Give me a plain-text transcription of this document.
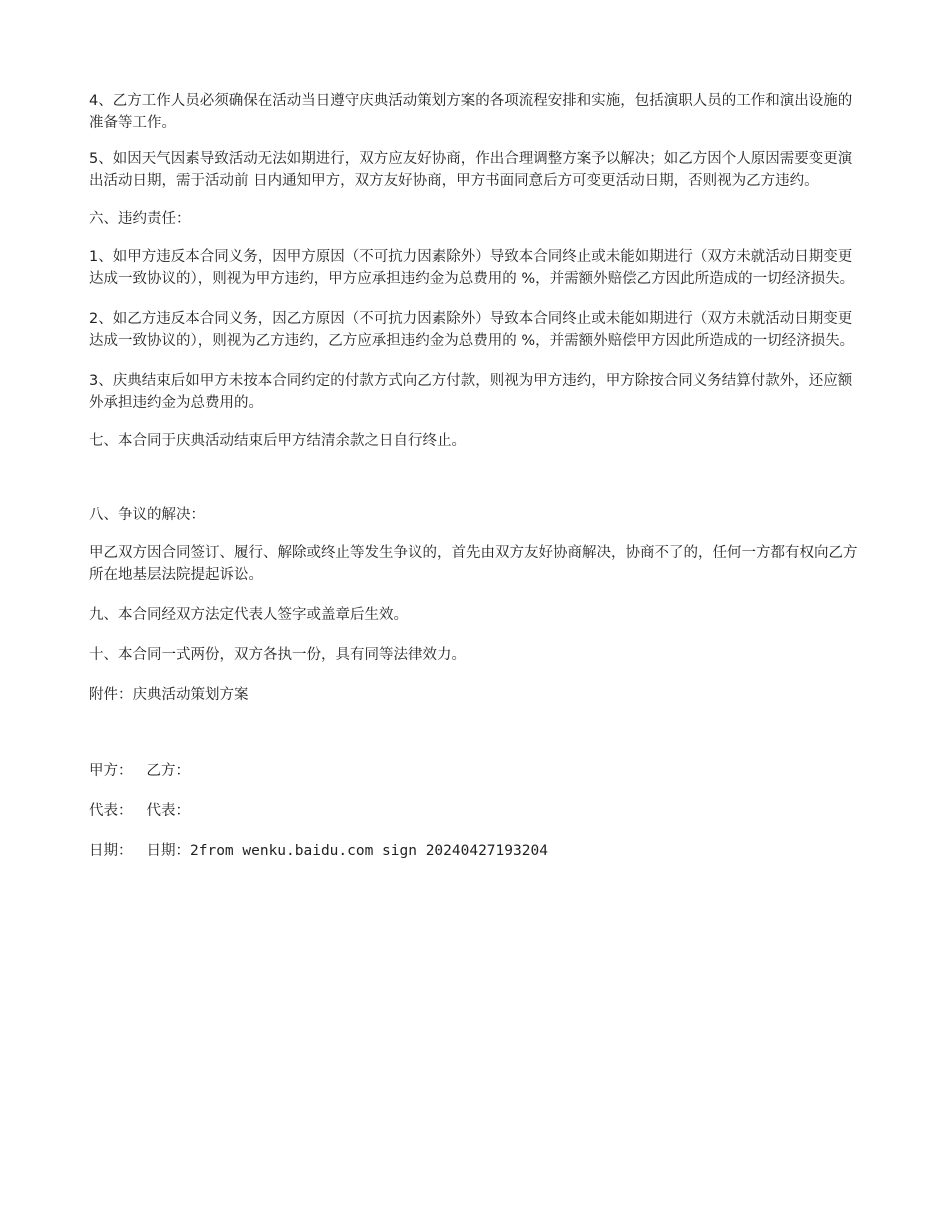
4、乙方工作人员必须确保在活动当日遵守庆典活动策划方案的各项流程安排和实施，包括演职人员的工作和演出设施的准备等工作。

5、如因天气因素导致活动无法如期进行，双方应友好协商，作出合理调整方案予以解决；如乙方因个人原因需要变更演出活动日期，需于活动前 日内通知甲方，双方友好协商，甲方书面同意后方可变更活动日期，否则视为乙方违约。

六、违约责任：

1、如甲方违反本合同义务，因甲方原因（不可抗力因素除外）导致本合同终止或未能如期进行（双方未就活动日期变更达成一致协议的），则视为甲方违约，甲方应承担违约金为总费用的 %，并需额外赔偿乙方因此所造成的一切经济损失。

2、如乙方违反本合同义务，因乙方原因（不可抗力因素除外）导致本合同终止或未能如期进行（双方未就活动日期变更达成一致协议的），则视为乙方违约，乙方应承担违约金为总费用的 %，并需额外赔偿甲方因此所造成的一切经济损失。

3、庆典结束后如甲方未按本合同约定的付款方式向乙方付款，则视为甲方违约，甲方除按合同义务结算付款外，还应额外承担违约金为总费用的。

七、本合同于庆典活动结束后甲方结清余款之日自行终止。

八、争议的解决：

甲乙双方因合同签订、履行、解除或终止等发生争议的，首先由双方友好协商解决，协商不了的，任何一方都有权向乙方所在地基层法院提起诉讼。

九、本合同经双方法定代表人签字或盖章后生效。

十、本合同一式两份，双方各执一份，具有同等法律效力。

附件：庆典活动策划方案

甲方： 乙方：

代表： 代表：

日期： 日期：2from wenku.baidu.com sign 20240427193204
